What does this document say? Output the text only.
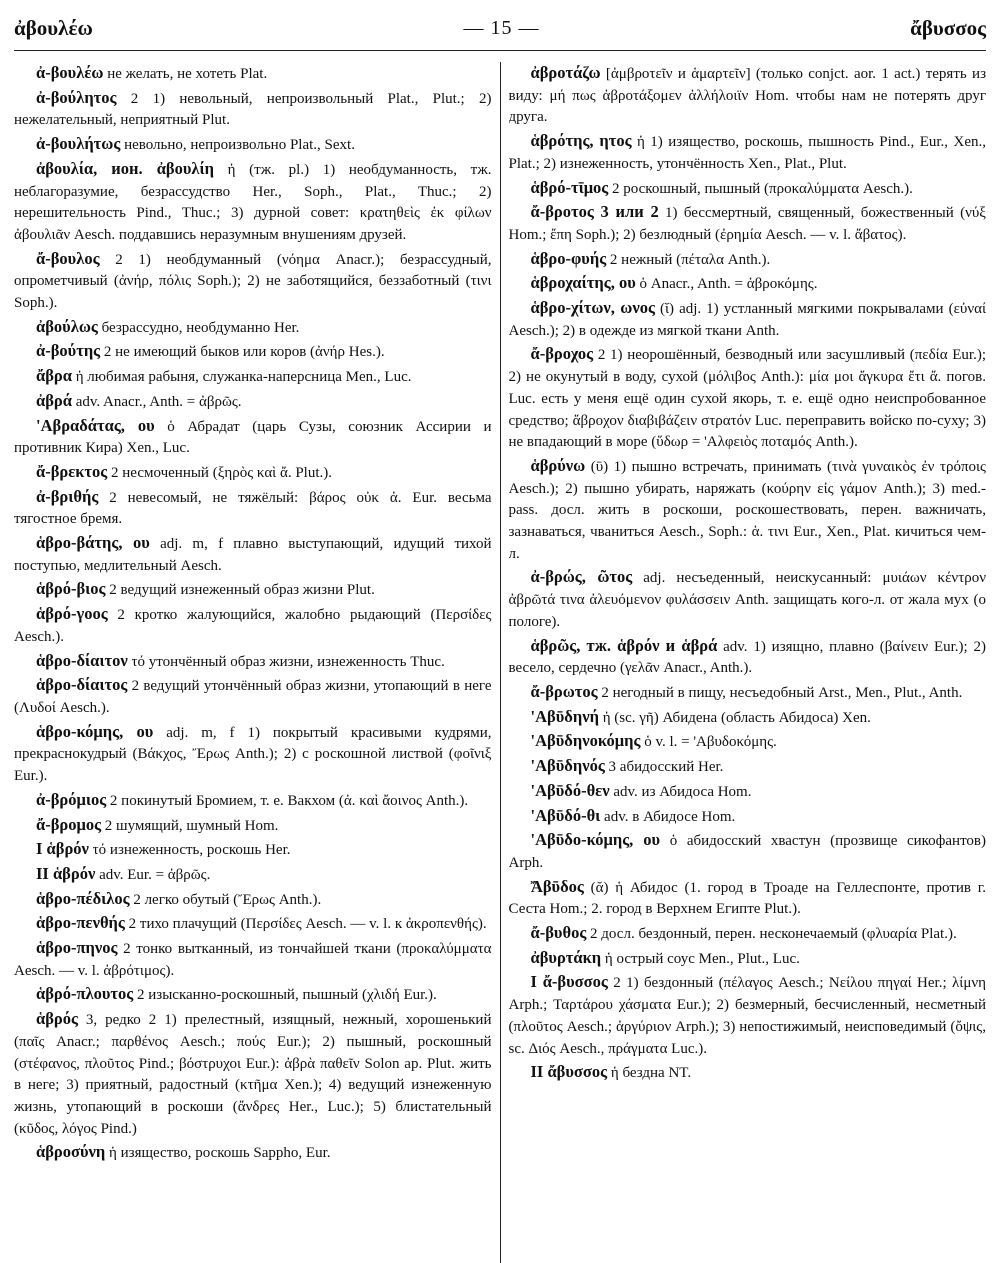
ἀβουλέω	— 15 —	ἄβυσσος

ἀ-βουλέω не желать, не хотеть Plat.

ἀ-βούλητος 2 1) невольный, непроизвольный Plat., Plut.; 2) нежелательный, неприятный Plut.

ἀ-βουλήτως невольно, непроизвольно Plat., Sext.

ἀβουλία, ион. ἀβουλίη ἡ (тж. pl.) 1) необдуманность, тж. неблагоразумие, безрассудство Her., Soph., Plat., Thuc.; 2) нерешительность Pind., Thuc.; 3) дурной совет: κρατηθεὶς ἐκ φίλων ἀβουλιᾶν Aesch. поддавшись неразумным внушениям друзей.

ἄ-βουλος 2 1) необдуманный (νόημα Anacr.); безрассудный, опрометчивый (ἀνήρ, πόλις Soph.); 2) не заботящийся, беззаботный (τινι Soph.).

ἀβούλως безрассудно, необдуманно Her.

ἀ-βούτης 2 не имеющий быков или коров (ἀνήρ Hes.).

ἄβρα ἡ любимая рабыня, служанка-наперсница Men., Luc.

ἀβρά adv. Anacr., Anth. = ἀβρῶς.

'Αβραδάτας, ου ὁ Абрадат (царь Сузы, союзник Ассирии и противник Кира) Xen., Luc.

ἄ-βρεκτος 2 несмоченный (ξηρὸς καὶ ἄ. Plut.).

ἀ-βριθής 2 невесомый, не тяжёлый: βάρος οὐκ ἀ. Eur. весьма тягостное бремя.

ἁβρο-βάτης, ου adj. m, f плавно выступающий, идущий тихой поступью, медлительный Aesch.

ἁβρό-βιος 2 ведущий изнеженный образ жизни Plut.

ἁβρό-γοος 2 кротко жалующийся, жалобно рыдающий (Περσίδες Aesch.).

ἁβρο-δίαιτον τό утончённый образ жизни, изнеженность Thuc.

ἁβρο-δίαιτος 2 ведущий утончённый образ жизни, утопающий в неге (Λυδοί Aesch.).

ἁβρο-κόμης, ου adj. m, f 1) покрытый красивыми кудрями, прекраснокудрый (Βάκχος, Ἔρως Anth.); 2) с роскошной листвой (φοῖνιξ Eur.).

ἀ-βρόμιος 2 покинутый Бромием, т. е. Вакхом (ἀ. καὶ ἄοινος Anth.).

ἄ-βρομος 2 шумящий, шумный Hom.

I ἁβρόν τό изнеженность, роскошь Her.

II ἁβρόν adv. Eur. = ἀβρῶς.

ἁβρο-πέδιλος 2 легко обутый (Ἔρως Anth.).

ἁβρο-πενθής 2 тихо плачущий (Περσίδες Aesch. — v. l. к ἀκροπενθής).

ἁβρο-πηνος 2 тонко вытканный, из тончайшей ткани (προκαλύμματα Aesch. — v. l. ἀβρότιμος).

ἁβρό-πλουτος 2 изысканно-роскошный, пышный (χλιδή Eur.).

ἁβρός 3, редко 2 1) прелестный, изящный, нежный, хорошенький (παῖς Anacr.; παρθένος Aesch.; πούς Eur.); 2) пышный, роскошный (στέφανος, πλοῦτος Pind.; βόστρυχοι Eur.): ἀβρὰ παθεῖν Solon ap. Plut. жить в неге; 3) приятный, радостный (κτῆμα Xen.); 4) ведущий изнеженную жизнь, утопающий в роскоши (ἄνδρες Her., Luc.); 5) блистательный (κῦδος, λόγος Pind.)

ἁβροσύνη ἡ изящество, роскошь Sappho, Eur.

ἀβροτάζω [ἀμβροτεῖν и ἁμαρτεῖν] (только conjct. aor. 1 act.) терять из виду: μή πως ἀβροτάξομεν ἀλλήλοιϊν Hom. чтобы нам не потерять друг друга.

ἁβρότης, ητος ἡ 1) изящество, роскошь, пышность Pind., Eur., Xen., Plat.; 2) изнеженность, утончённость Xen., Plat., Plut.

ἁβρό-τῑμος 2 роскошный, пышный (προκαλύμματα Aesch.).

ἄ-βροτος 3 или 2 1) бессмертный, священный, божественный (νύξ Hom.; ἔπη Soph.); 2) безлюдный (ἐρημία Aesch. — v. l. ἄβατος).

ἁβρο-φυής 2 нежный (πέταλα Anth.).

ἁβροχαίτης, ου ὁ Anacr., Anth. = ἁβροκόμης.

ἁβρο-χίτων, ωνος (ῐ) adj. 1) устланный мягкими покрывалами (εὐναί Aesch.); 2) в одежде из мягкой ткани Anth.

ἄ-βροχος 2 1) неорошённый, безводный или засушливый (πεδία Eur.); 2) не окунутый в воду, сухой (μόλιβος Anth.): μία μοι ἄγκυρα ἔτι ἄ. погов. Luc. есть у меня ещё один сухой якорь, т. е. ещё одно неиспробованное средство; ἄβροχον διαβιβάζειν στρατόν Luc. переправить войско по-суху; 3) не впадающий в море (ὕδωρ = 'Αλφειὸς ποταμός Anth.).

ἁβρύνω (ῡ) 1) пышно встречать, принимать (τινὰ γυναικὸς ἐν τρόποις Aesch.); 2) пышно убирать, наряжать (κούρην εἰς γάμον Anth.); 3) med.-pass. досл. жить в роскоши, роскошествовать, перен. важничать, зазнаваться, чваниться Aesch., Soph.: ἁ. τινι Eur., Xen., Plat. кичиться чем-л.

ἀ-βρώς, ῶτος adj. несъеденный, неискусанный: μυιάων κέντρον ἀβρῶτά τινα ἀλευόμενον φυλάσσειν Anth. защищать кого-л. от жала мух (о пологе).

ἁβρῶς, тж. ἁβρόν и ἁβρά adv. 1) изящно, плавно (βαίνειν Eur.); 2) весело, сердечно (γελᾶν Anacr., Anth.).

ἄ-βρωτος 2 негодный в пищу, несъедобный Arst., Men., Plut., Anth.

'Αβῡδηνή ἡ (sc. γῆ) Абидена (область Абидоса) Xen.

'Αβῡδηνοκόμης ὁ v. l. = 'Αβυδοκόμης.

'Αβῡδηνός 3 абидосский Her.

'Αβῡδό-θεν adv. из Абидоса Hom.

'Αβῡδό-θι adv. в Абидосе Hom.

'Αβῡδο-κόμης, ου ὁ абидосский хвастун (прозвище сикофантов) Arph.

Ἄβῡδος (ᾰ) ἡ Абидос (1. город в Троаде на Геллеспонте, против г. Сеста Hom.; 2. город в Верхнем Египте Plut.).

ἄ-βυθος 2 досл. бездонный, перен. несконечаемый (φλυαρία Plat.).

ἀβυρτάκη ἡ острый соус Men., Plut., Luc.

I ἄ-βυσσος 2 1) бездонный (πέλαγος Aesch.; Νείλου πηγαί Her.; λίμνη Arph.; Ταρτάρου χάσματα Eur.); 2) безмерный, бесчисленный, несметный (πλοῦτος Aesch.; ἀργύριον Arph.); 3) непостижимый, неисповедимый (ὄψις, sc. Διός Aesch., πράγματα Luc.).

II ἄβυσσος ἡ бездна NT.
